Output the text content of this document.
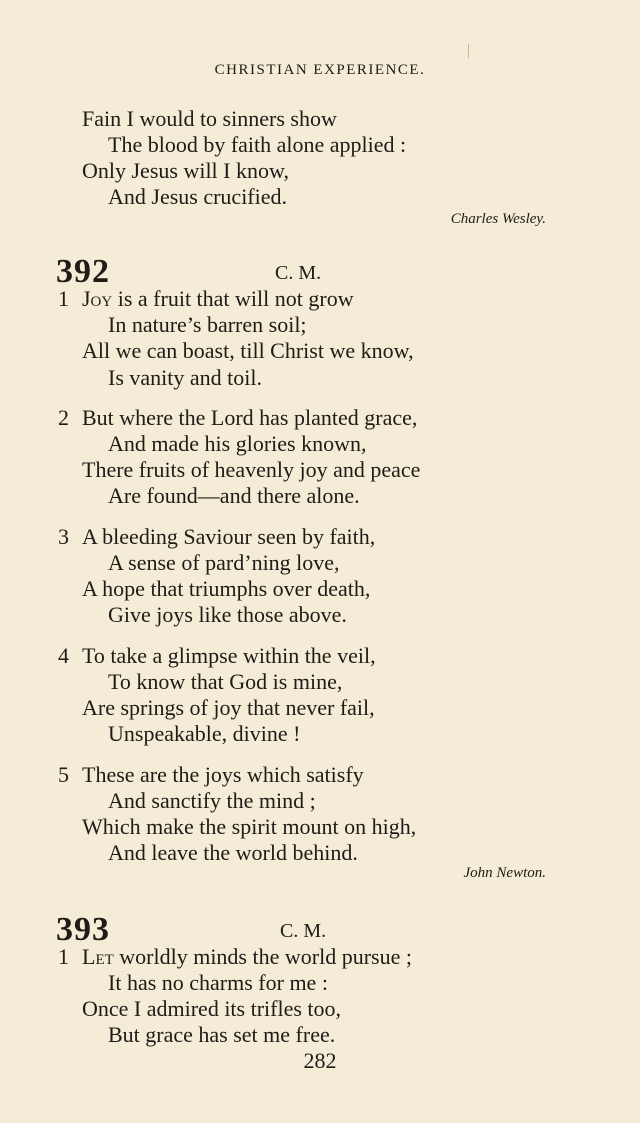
CHRISTIAN EXPERIENCE.
Fain I would to sinners show
The blood by faith alone applied :
Only Jesus will I know,
And Jesus crucified.
Charles Wesley.
392	C. M.
1 Joy is a fruit that will not grow
In nature’s barren soil;
All we can boast, till Christ we know,
Is vanity and toil.
2 But where the Lord has planted grace,
And made his glories known,
There fruits of heavenly joy and peace
Are found—and there alone.
3 A bleeding Saviour seen by faith,
A sense of pard’ning love,
A hope that triumphs over death,
Give joys like those above.
4 To take a glimpse within the veil,
To know that God is mine,
Are springs of joy that never fail,
Unspeakable, divine !
5 These are the joys which satisfy
And sanctify the mind ;
Which make the spirit mount on high,
And leave the world behind.
John Newton.
393	C. M.
1 Let worldly minds the world pursue ;
It has no charms for me :
Once I admired its trifles too,
But grace has set me free.
282
